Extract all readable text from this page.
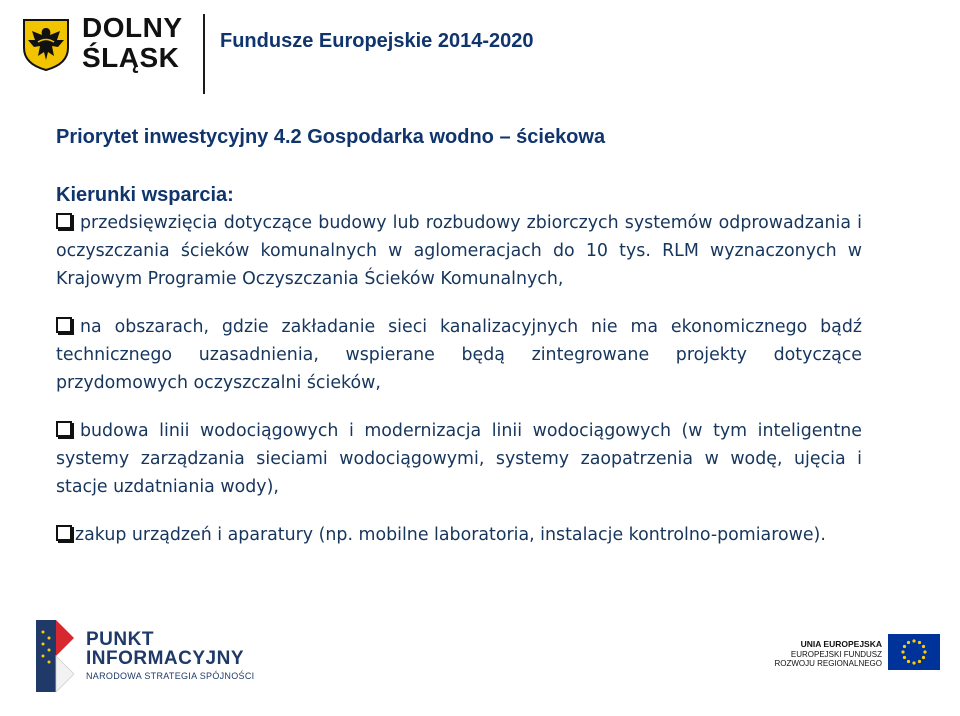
DOLNY
ŚLĄSK
Fundusze Europejskie 2014-2020
Priorytet inwestycyjny 4.2 Gospodarka wodno – ściekowa

Kierunki wsparcia:

przedsięwzięcia dotyczące budowy lub rozbudowy zbiorczych systemów odprowadzania i oczyszczania ścieków komunalnych w aglomeracjach do 10 tys. RLM wyznaczonych w Krajowym Programie Oczyszczania Ścieków Komunalnych,

na obszarach, gdzie zakładanie sieci kanalizacyjnych nie ma ekonomicznego bądź technicznego uzasadnienia, wspierane będą zintegrowane projekty dotyczące przydomowych oczyszczalni ścieków,

budowa linii wodociągowych i modernizacja linii wodociągowych (w tym inteligentne systemy zarządzania sieciami wodociągowymi, systemy zaopatrzenia w wodę, ujęcia i stacje uzdatniania wody),

zakup urządzeń i aparatury (np. mobilne laboratoria, instalacje kontrolno-pomiarowe).

PUNKT
INFORMACYJNY
NARODOWA STRATEGIA SPÓJNOŚCI
UNIA EUROPEJSKA
EUROPEJSKI FUNDUSZ
ROZWOJU REGIONALNEGO
